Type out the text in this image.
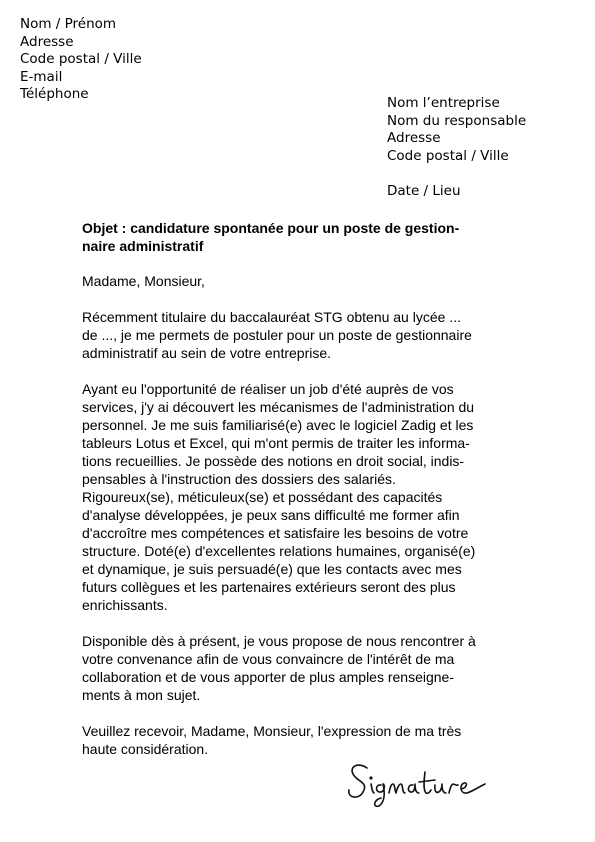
Nom / Prénom
Adresse
Code postal / Ville
E-mail
Téléphone
Nom l’entreprise
Nom du responsable
Adresse
Code postal / Ville
Date / Lieu
Objet : candidature spontanée pour un poste de gestion-
naire administratif
Madame, Monsieur,
Récemment titulaire du baccalauréat STG obtenu au lycée ...
de ..., je me permets de postuler pour un poste de gestionnaire
administratif au sein de votre entreprise.
Ayant eu l'opportunité de réaliser un job d'été auprès de vos
services, j'y ai découvert les mécanismes de l'administration du
personnel. Je me suis familiarisé(e) avec le logiciel Zadig et les
tableurs Lotus et Excel, qui m'ont permis de traiter les informa-
tions recueillies. Je possède des notions en droit social, indis-
pensables à l'instruction des dossiers des salariés.
Rigoureux(se), méticuleux(se) et possédant des capacités
d'analyse développées, je peux sans difficulté me former afin
d'accroître mes compétences et satisfaire les besoins de votre
structure. Doté(e) d'excellentes relations humaines, organisé(e)
et dynamique, je suis persuadé(e) que les contacts avec mes
futurs collègues et les partenaires extérieurs seront des plus
enrichissants.
Disponible dès à présent, je vous propose de nous rencontrer à
votre convenance afin de vous convaincre de l'intérêt de ma
collaboration et de vous apporter de plus amples renseigne-
ments à mon sujet.
Veuillez recevoir, Madame, Monsieur, l'expression de ma très
haute considération.
